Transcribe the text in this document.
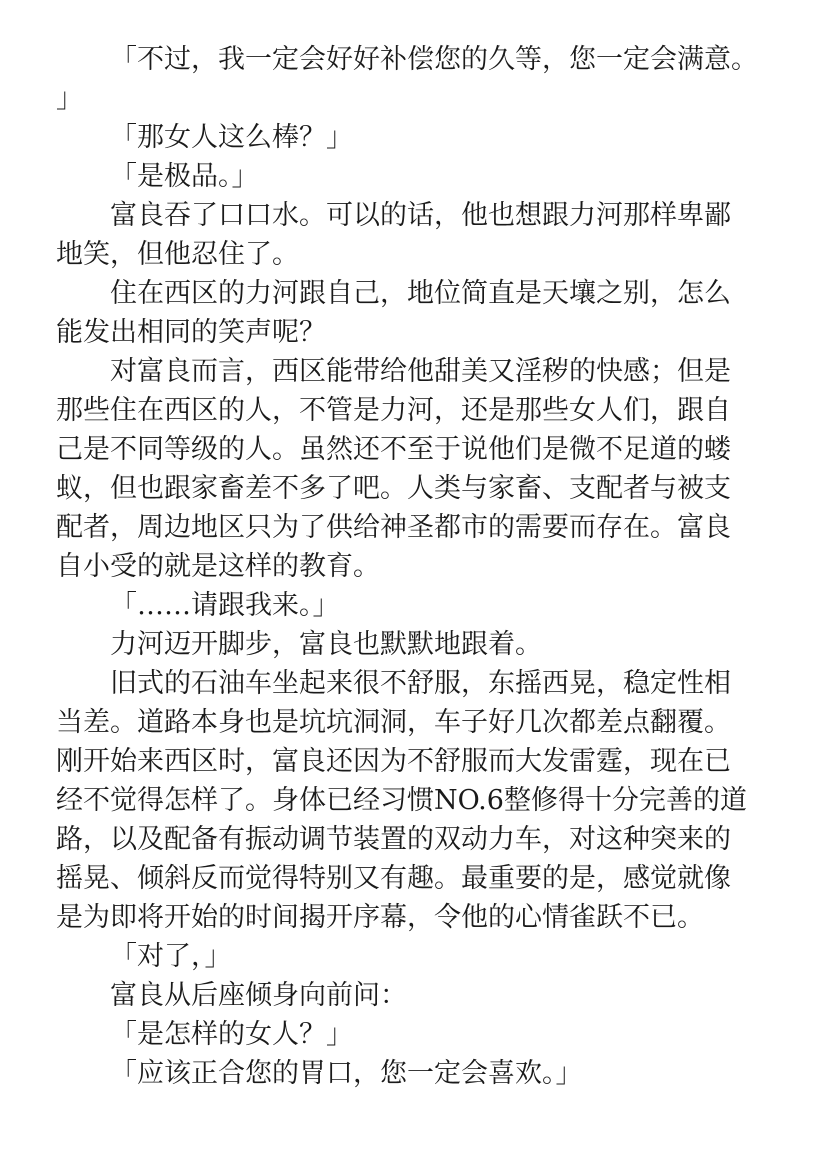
「不过，我一定会好好补偿您的久等，您一定会满意。」

「那女人这么棒？」

「是极品。」

富良吞了口口水。可以的话，他也想跟力河那样卑鄙地笑，但他忍住了。

住在西区的力河跟自己，地位简直是天壤之别，怎么能发出相同的笑声呢？

对富良而言，西区能带给他甜美又淫秽的快感；但是那些住在西区的人，不管是力河，还是那些女人们，跟自己是不同等级的人。虽然还不至于说他们是微不足道的蝼蚁，但也跟家畜差不多了吧。人类与家畜、支配者与被支配者，周边地区只为了供给神圣都市的需要而存在。富良自小受的就是这样的教育。

「……请跟我来。」

力河迈开脚步，富良也默默地跟着。

旧式的石油车坐起来很不舒服，东摇西晃，稳定性相当差。道路本身也是坑坑洞洞，车子好几次都差点翻覆。刚开始来西区时，富良还因为不舒服而大发雷霆，现在已经不觉得怎样了。身体已经习惯NO.6整修得十分完善的道路，以及配备有振动调节装置的双动力车，对这种突来的摇晃、倾斜反而觉得特别又有趣。最重要的是，感觉就像是为即将开始的时间揭开序幕，令他的心情雀跃不已。

「对了，」

富良从后座倾身向前问：

「是怎样的女人？」

「应该正合您的胃口，您一定会喜欢。」
